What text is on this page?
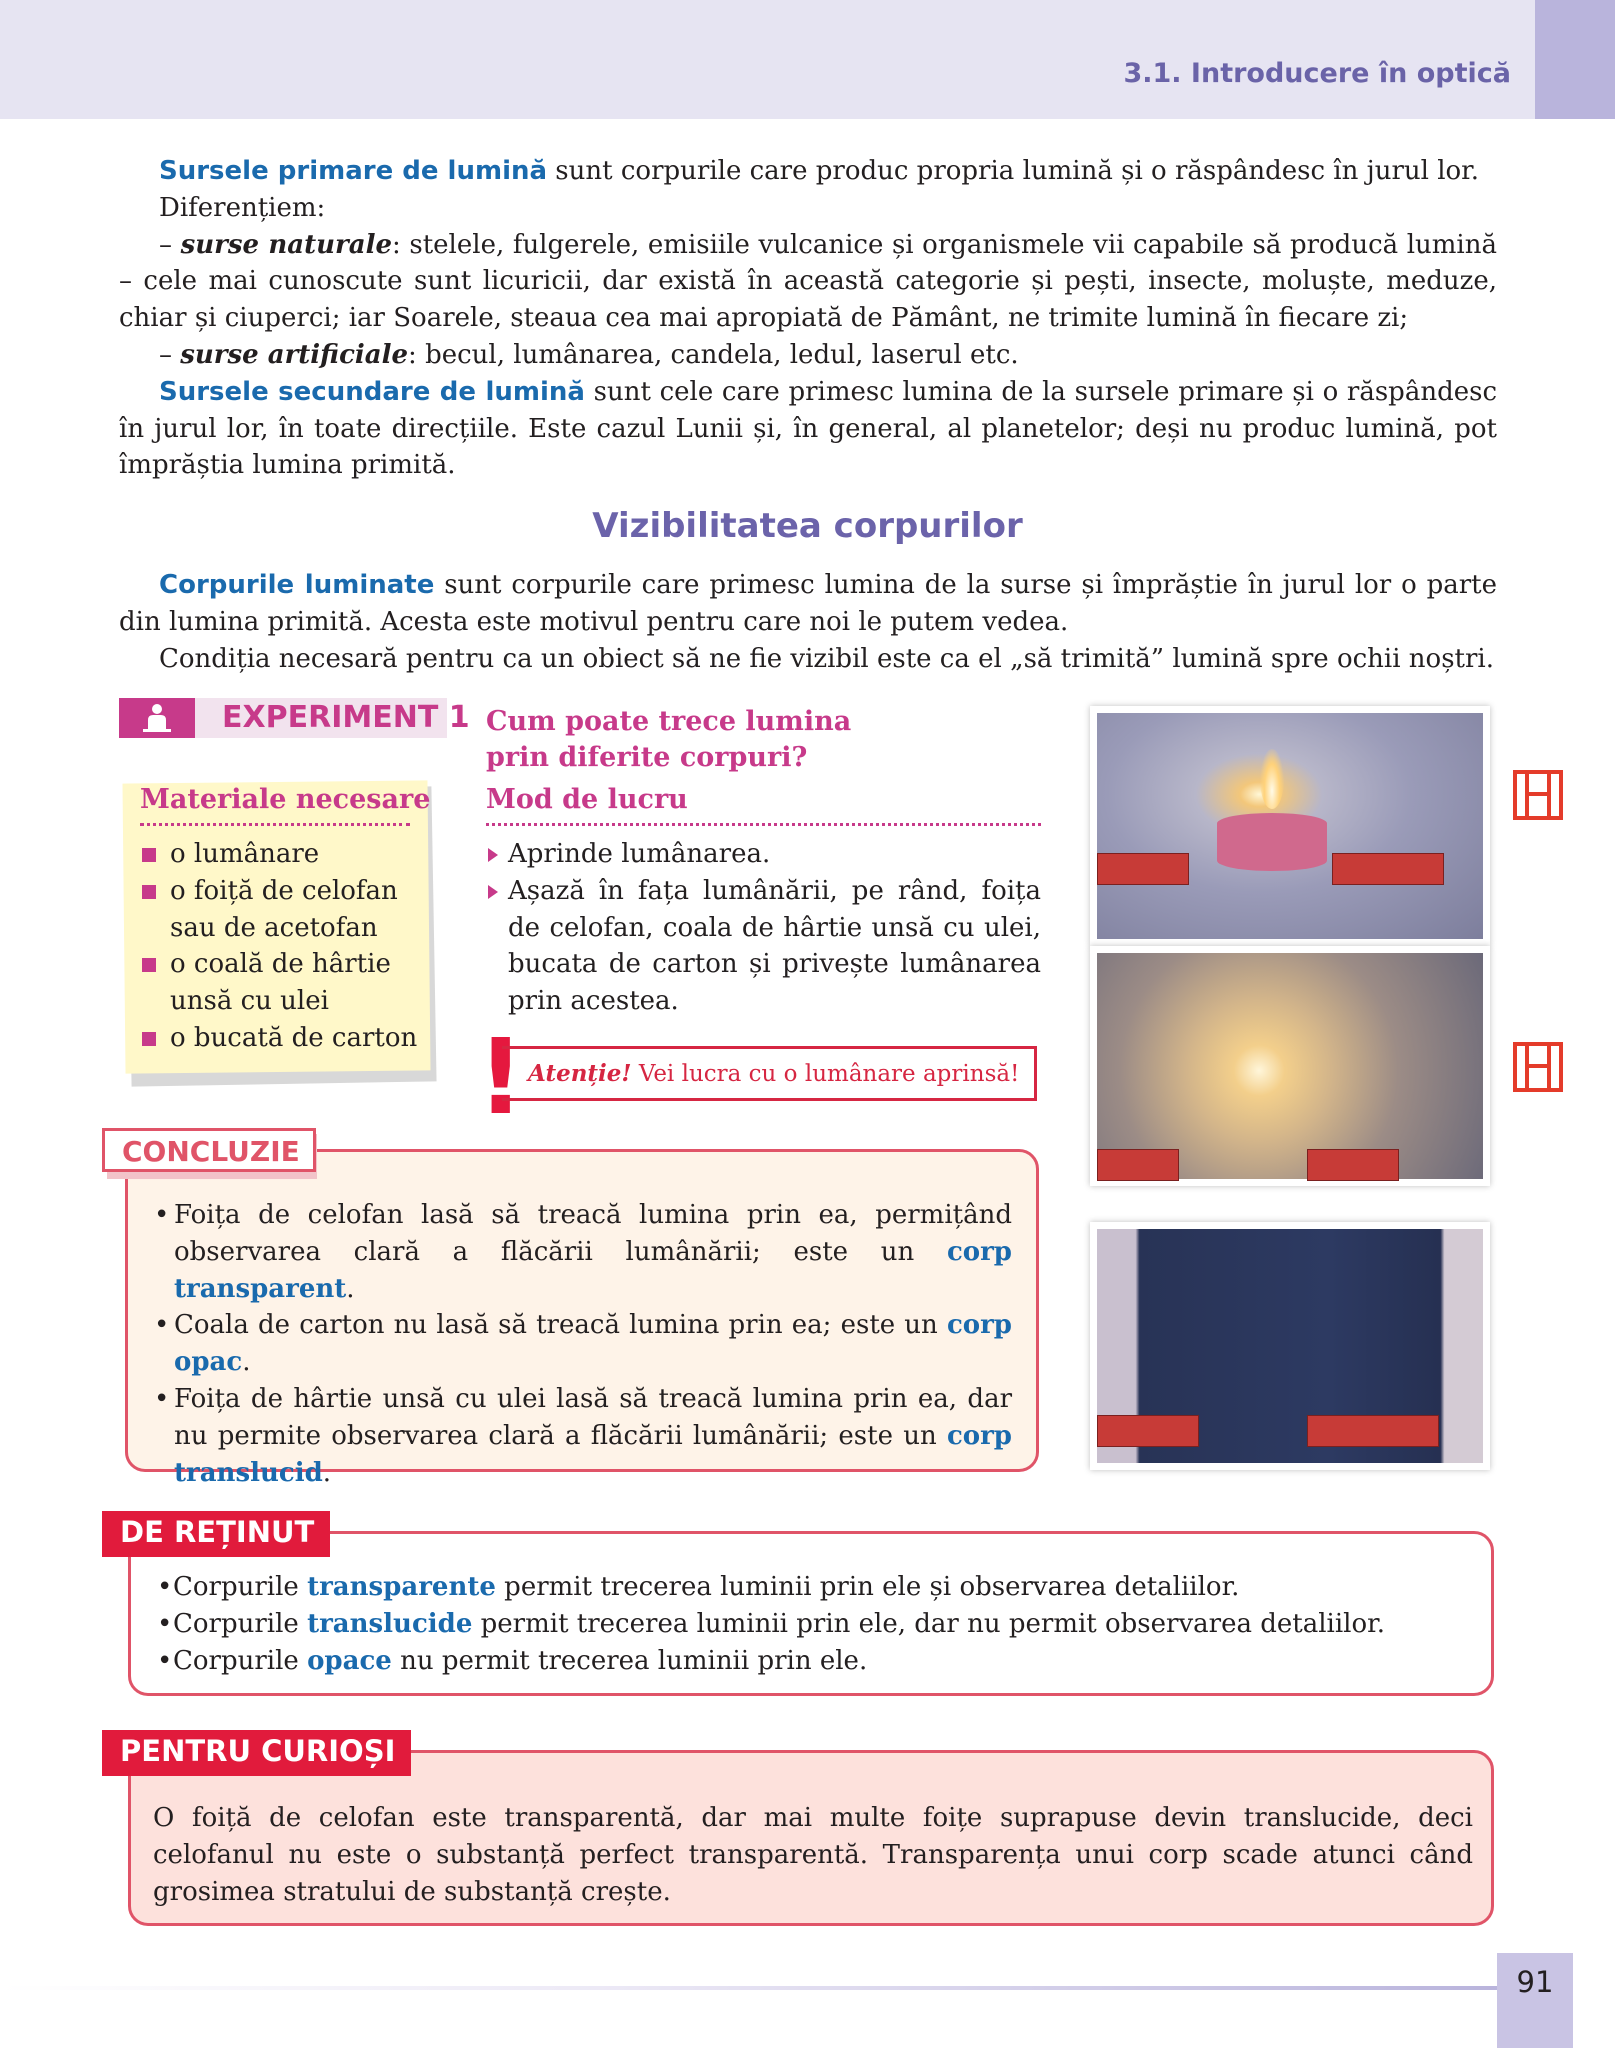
3.1. Introducere în optică

Sursele primare de lumină sunt corpurile care produc propria lumină și o răspândesc în jurul lor.

Diferențiem:

– surse naturale: stelele, fulgerele, emisiile vulcanice și organismele vii capabile să producă lumină – cele mai cunoscute sunt licuricii, dar există în această categorie și pești, insecte, moluște, meduze, chiar și ciuperci; iar Soarele, steaua cea mai apropiată de Pământ, ne trimite lumină în fiecare zi;

– surse artificiale: becul, lumânarea, candela, ledul, laserul etc.

Sursele secundare de lumină sunt cele care primesc lumina de la sursele primare și o răspândesc în jurul lor, în toate direcțiile. Este cazul Lunii și, în general, al planetelor; deși nu produc lumină, pot împrăștia lumina primită.

Vizibilitatea corpurilor

Corpurile luminate sunt corpurile care primesc lumina de la surse și împrăștie în jurul lor o parte din lumina primită. Acesta este motivul pentru care noi le putem vedea.

Condiția necesară pentru ca un obiect să ne fie vizibil este ca el „să trimită” lumină spre ochii noștri.

EXPERIMENT 1 Cum poate trece lumina prin diferite corpuri?
Materiale necesare
o lumânare
o foiță de celofan sau de acetofan
o coală de hârtie unsă cu ulei
o bucată de carton
Mod de lucru
Aprinde lumânarea.
Așază în fața lumânării, pe rând, foița de celofan, coala de hârtie unsă cu ulei, bucata de carton și privește lumânarea prin acestea.
! Atenție! Vei lucra cu o lumânare aprinsă!
CONCLUZIE
• Foița de celofan lasă să treacă lumina prin ea, permițând observarea clară a flăcării lumânării; este un corp transparent.
• Coala de carton nu lasă să treacă lumina prin ea; este un corp opac.
• Foița de hârtie unsă cu ulei lasă să treacă lumina prin ea, dar nu permite observarea clară a flăcării lumânării; este un corp translucid.
DE REȚINUT
• Corpurile transparente permit trecerea luminii prin ele și observarea detaliilor.
• Corpurile translucide permit trecerea luminii prin ele, dar nu permit observarea detaliilor.
• Corpurile opace nu permit trecerea luminii prin ele.
PENTRU CURIOȘI

O foiță de celofan este transparentă, dar mai multe foițe suprapuse devin translucide, deci celofanul nu este o substanță perfect transparentă. Transparența unui corp scade atunci când grosimea stratului de substanță crește.

91
